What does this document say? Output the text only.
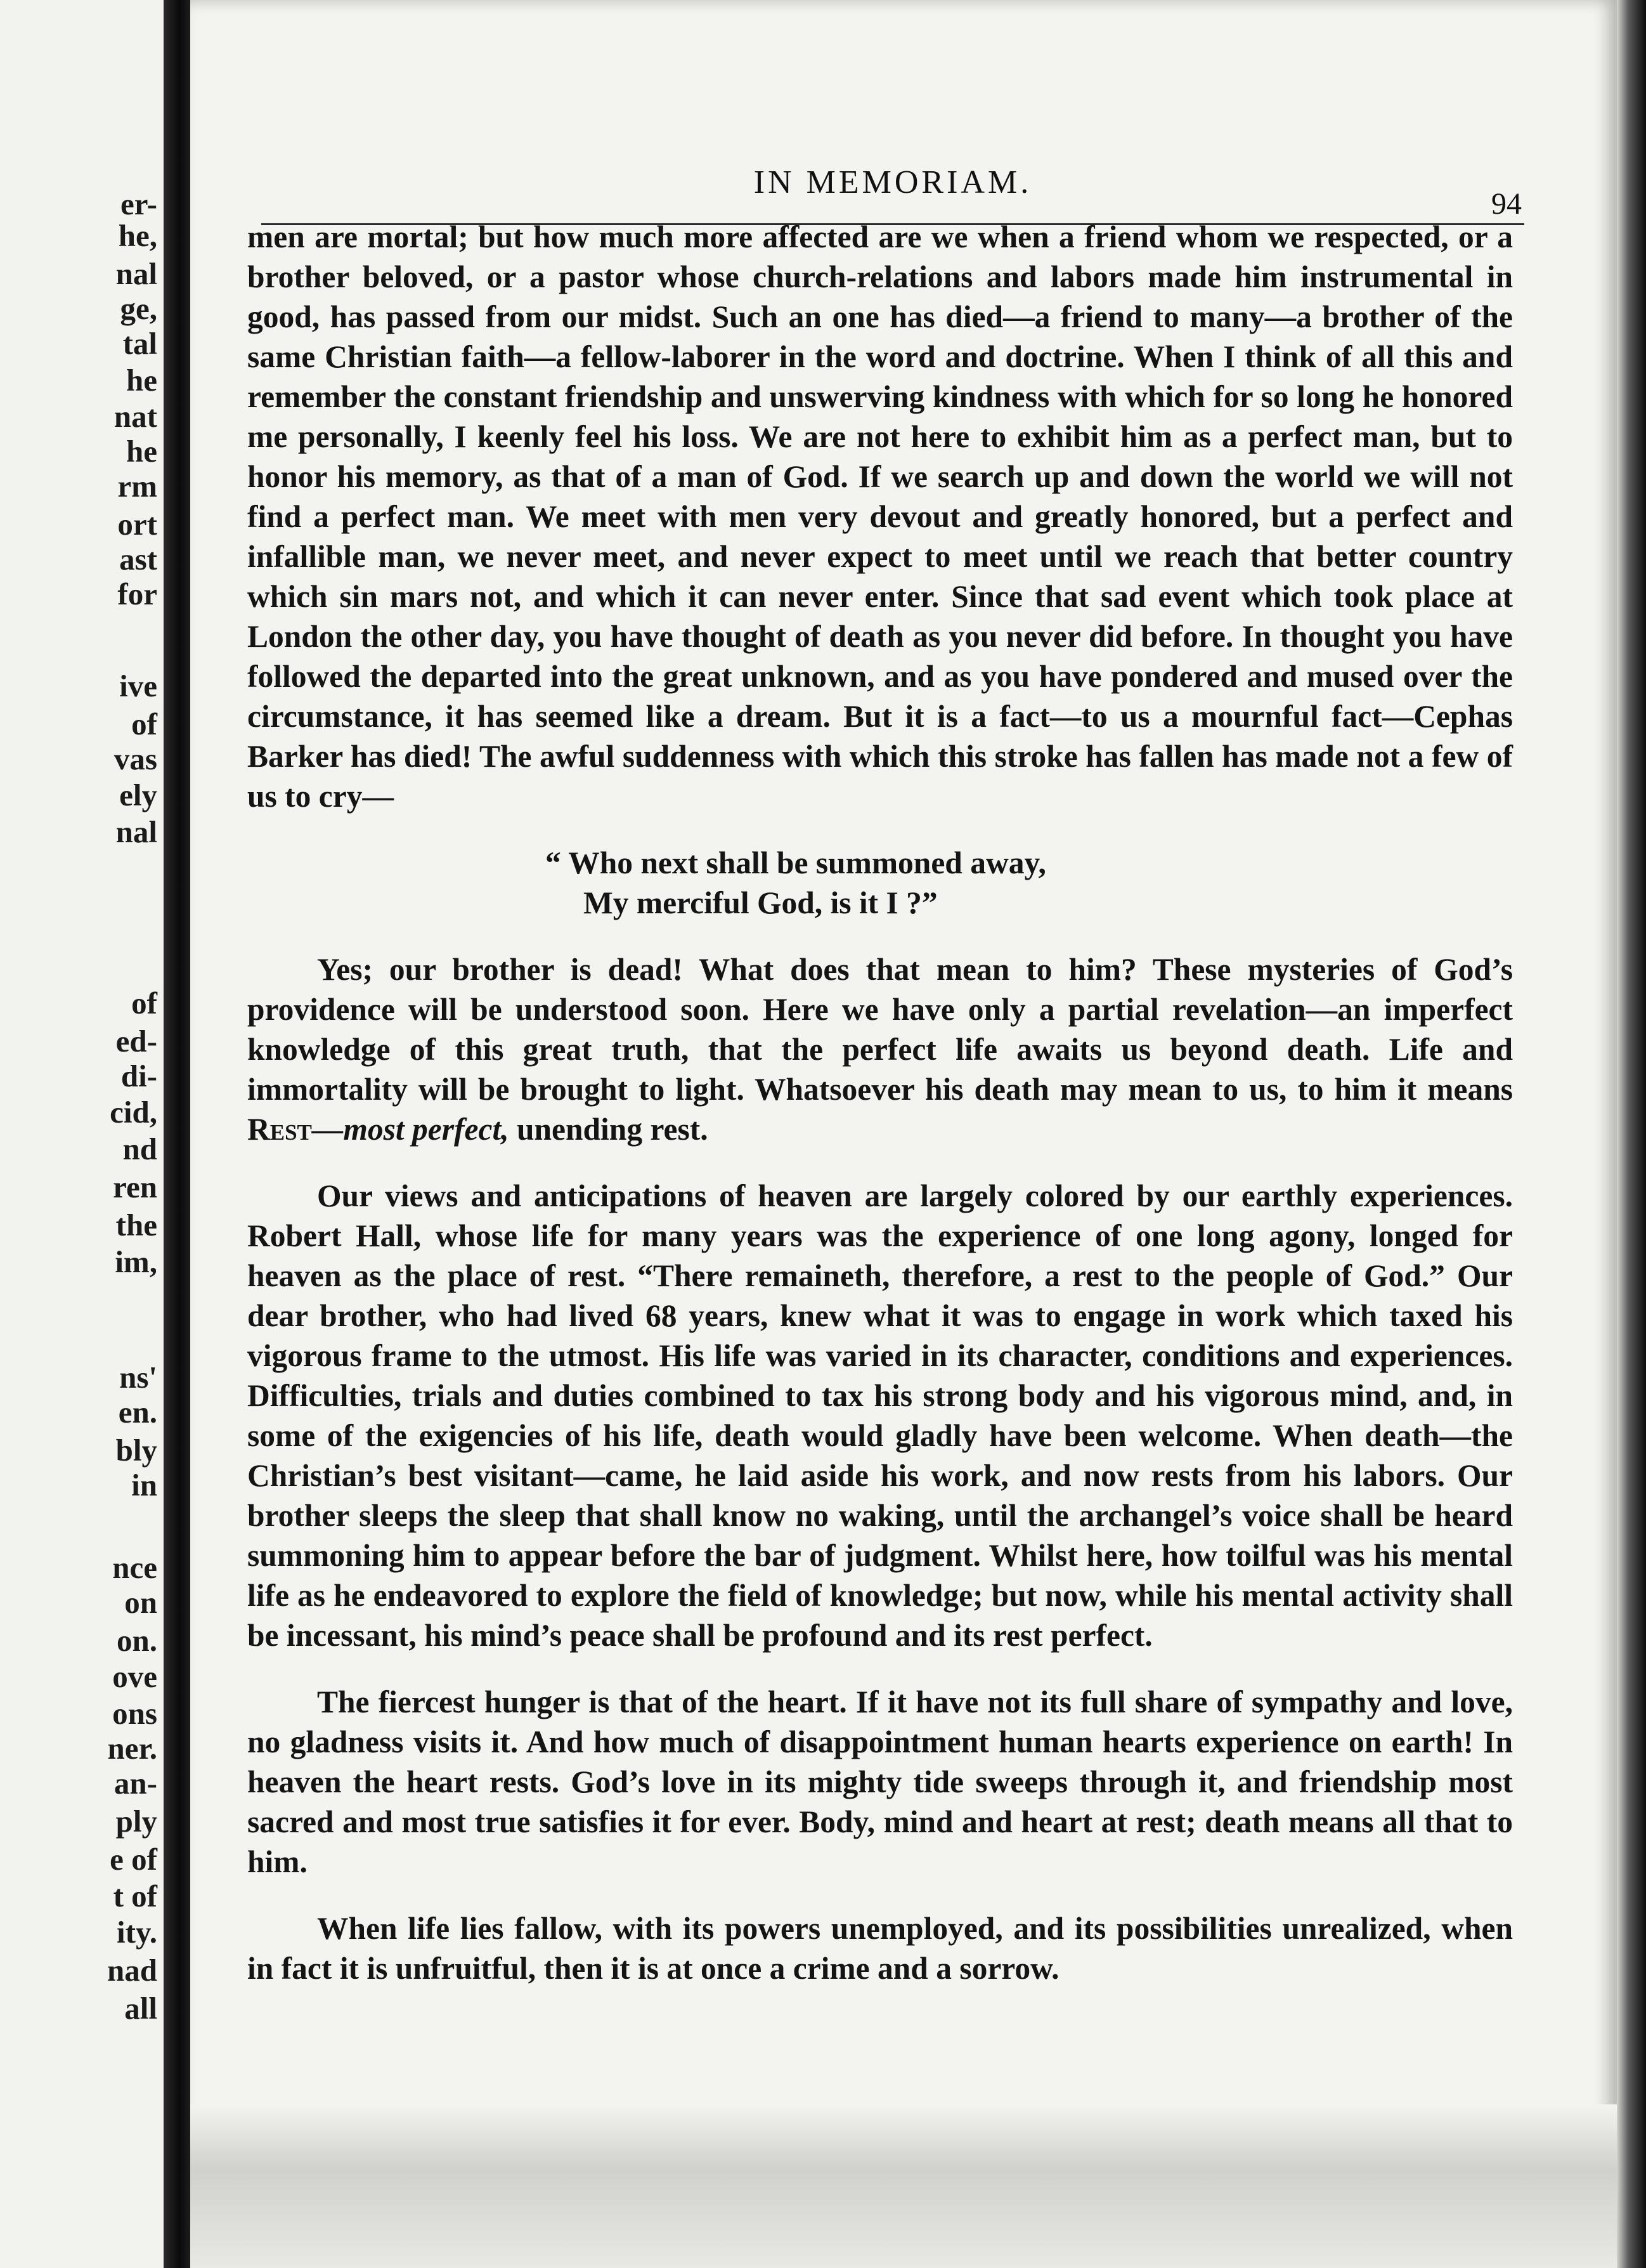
er-
he,
nal
ge,
tal
he
nat
he
rm
ort
ast
for
ive
of
vas
ely
nal
of
ed-
di-
cid,
nd
ren
the
im,
ns'
en.
bly
in
nce
on
on.
ove
ons
ner.
an-
ply
e of
t of
ity.
nad
all
IN MEMORIAM.
94

men are mortal; but how much more affected are we when a friend whom we respected, or a brother beloved, or a pastor whose church-relations and labors made him instrumental in good, has passed from our midst. Such an one has died—a friend to many—a brother of the same Christian faith—a fellow-laborer in the word and doctrine. When I think of all this and remember the constant friendship and unswerving kindness with which for so long he honored me personally, I keenly feel his loss. We are not here to exhibit him as a perfect man, but to honor his memory, as that of a man of God. If we search up and down the world we will not find a perfect man. We meet with men very devout and greatly honored, but a perfect and infallible man, we never meet, and never expect to meet until we reach that better country which sin mars not, and which it can never enter. Since that sad event which took place at London the other day, you have thought of death as you never did before. In thought you have followed the departed into the great unknown, and as you have pondered and mused over the circumstance, it has seemed like a dream. But it is a fact—to us a mournful fact—Cephas Barker has died! The awful suddenness with which this stroke has fallen has made not a few of us to cry—

“ Who next shall be summoned away,
My merciful God, is it I ?”

Yes; our brother is dead! What does that mean to him? These mysteries of God’s providence will be understood soon. Here we have only a partial revelation—an imperfect knowledge of this great truth, that the perfect life awaits us beyond death. Life and immortality will be brought to light. Whatsoever his death may mean to us, to him it means Rest—most perfect, unending rest.

Our views and anticipations of heaven are largely colored by our earthly experiences. Robert Hall, whose life for many years was the experience of one long agony, longed for heaven as the place of rest. “There remaineth, therefore, a rest to the people of God.” Our dear brother, who had lived 68 years, knew what it was to engage in work which taxed his vigorous frame to the utmost. His life was varied in its character, conditions and experiences. Difficulties, trials and duties combined to tax his strong body and his vigorous mind, and, in some of the exigencies of his life, death would gladly have been welcome. When death—the Christian’s best visitant—came, he laid aside his work, and now rests from his labors. Our brother sleeps the sleep that shall know no waking, until the archangel’s voice shall be heard summoning him to appear before the bar of judgment. Whilst here, how toilful was his mental life as he endeavored to explore the field of knowledge; but now, while his mental activity shall be incessant, his mind’s peace shall be profound and its rest perfect.

The fiercest hunger is that of the heart. If it have not its full share of sympathy and love, no gladness visits it. And how much of disappointment human hearts experience on earth! In heaven the heart rests. God’s love in its mighty tide sweeps through it, and friendship most sacred and most true satisfies it for ever. Body, mind and heart at rest; death means all that to him.

When life lies fallow, with its powers unemployed, and its possibilities unrealized, when in fact it is unfruitful, then it is at once a crime and a sorrow.
